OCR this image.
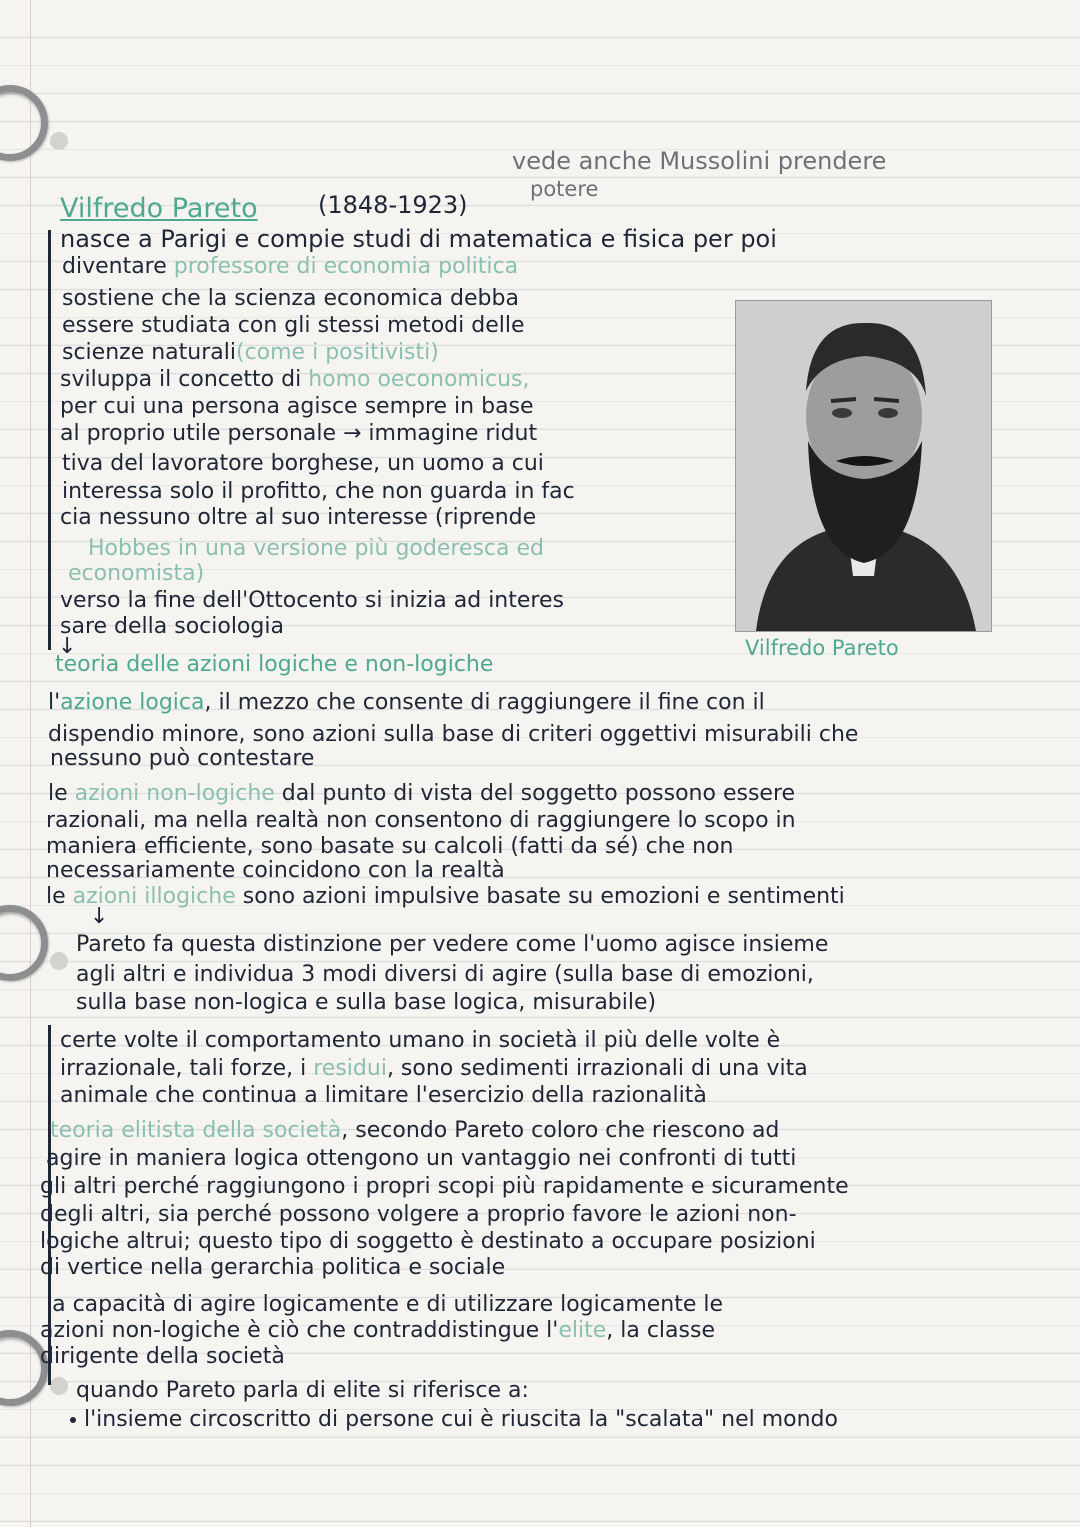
vede anche Mussolini prendere
Vilfredo Pareto	(1848-1923)
potere
Vilfredo Pareto
nasce a Parigi e compie studi di matematica e fisica per poi
diventare professore di economia politica
sostiene che la scienza economica debba
essere studiata con gli stessi metodi delle
scienze naturali(come i positivisti)
sviluppa il concetto di homo oeconomicus,
per cui una persona agisce sempre in base
al proprio utile personale → immagine ridut
tiva del lavoratore borghese, un uomo a cui
interessa solo il profitto, che non guarda in fac
cia nessuno oltre al suo interesse (riprende
Hobbes in una versione più goderesca ed
economista)
verso la fine dell'Ottocento si inizia ad interes
sare della sociologia
↓
teoria delle azioni logiche e non-logiche
l'azione logica, il mezzo che consente di raggiungere il fine con il
dispendio minore, sono azioni sulla base di criteri oggettivi misurabili che
nessuno può contestare
le azioni non-logiche dal punto di vista del soggetto possono essere
razionali, ma nella realtà non consentono di raggiungere lo scopo in
maniera efficiente, sono basate su calcoli (fatti da sé) che non
necessariamente coincidono con la realtà
le azioni illogiche sono azioni impulsive basate su emozioni e sentimenti
↓
Pareto fa questa distinzione per vedere come l'uomo agisce insieme
agli altri e individua 3 modi diversi di agire (sulla base di emozioni,
sulla base non-logica e sulla base logica, misurabile)
certe volte il comportamento umano in società il più delle volte è
irrazionale, tali forze, i residui, sono sedimenti irrazionali di una vita
animale che continua a limitare l'esercizio della razionalità
teoria elitista della società, secondo Pareto coloro che riescono ad
agire in maniera logica ottengono un vantaggio nei confronti di tutti
gli altri perché raggiungono i propri scopi più rapidamente e sicuramente
degli altri, sia perché possono volgere a proprio favore le azioni non-
logiche altrui; questo tipo di soggetto è destinato a occupare posizioni
di vertice nella gerarchia politica e sociale
la capacità di agire logicamente e di utilizzare logicamente le
azioni non-logiche è ciò che contraddistingue l'elite, la classe
dirigente della società
quando Pareto parla di elite si riferisce a:
l'insieme circoscritto di persone cui è riuscita la "scalata" nel mondo
